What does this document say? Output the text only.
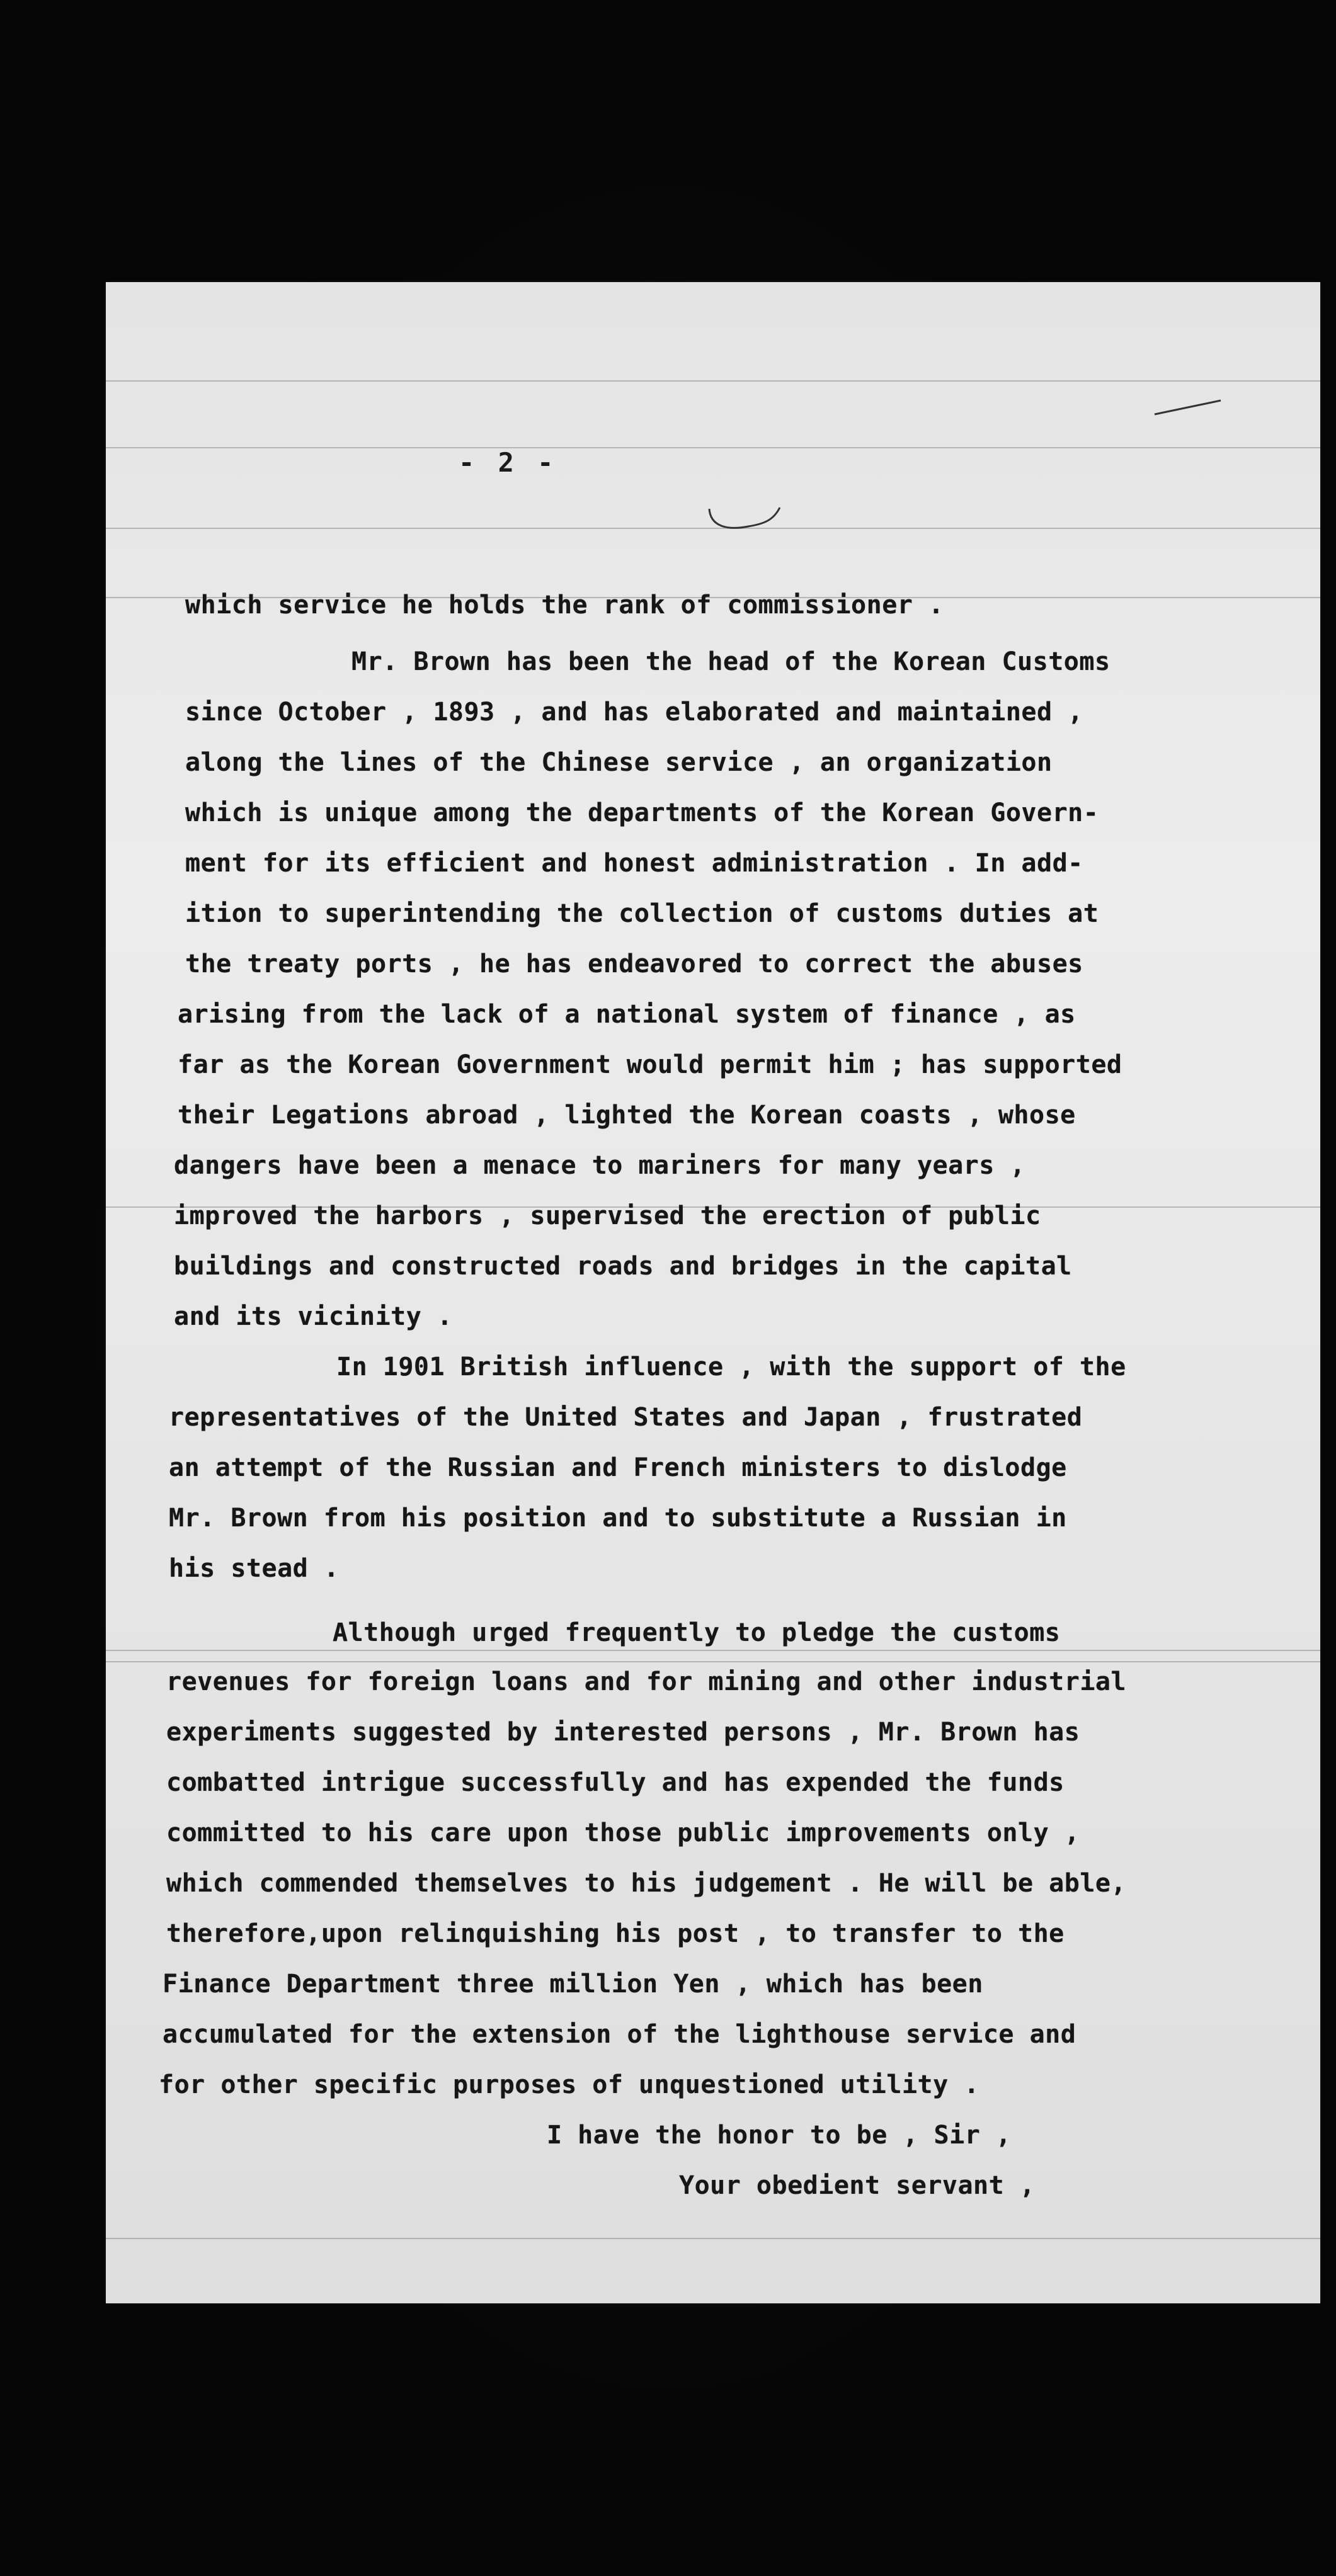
- 2 -
which service he holds the rank of commissioner .
Mr. Brown has been the head of the Korean Customs
since October , 1893 , and has elaborated and maintained ,
along the lines of the Chinese service , an organization
which is unique among the departments of the Korean Govern-
ment for its efficient and honest administration . In add-
ition to superintending the collection of customs duties at
the treaty ports , he has endeavored to correct the abuses
arising from the lack of a national system of finance , as
far as the Korean Government would permit him ; has supported
their Legations abroad , lighted the Korean coasts , whose
dangers have been a menace to mariners for many years ,
improved the harbors , supervised the erection of public
buildings and constructed roads and bridges in the capital
and its vicinity .
In 1901 British influence , with the support of the
representatives of the United States and Japan , frustrated
an attempt of the Russian and French ministers to dislodge
Mr. Brown from his position and to substitute a Russian in
his stead .
Although urged frequently to pledge the customs
revenues for foreign loans and for mining and other industrial
experiments suggested by interested persons , Mr. Brown has
combatted intrigue successfully and has expended the funds
committed to his care upon those public improvements only ,
which commended themselves to his judgement . He will be able,
therefore,upon relinquishing his post , to transfer to the
Finance Department three million Yen , which has been
accumulated for the extension of the lighthouse service and
for other specific purposes of unquestioned utility .
I have the honor to be , Sir ,
Your obedient servant ,
